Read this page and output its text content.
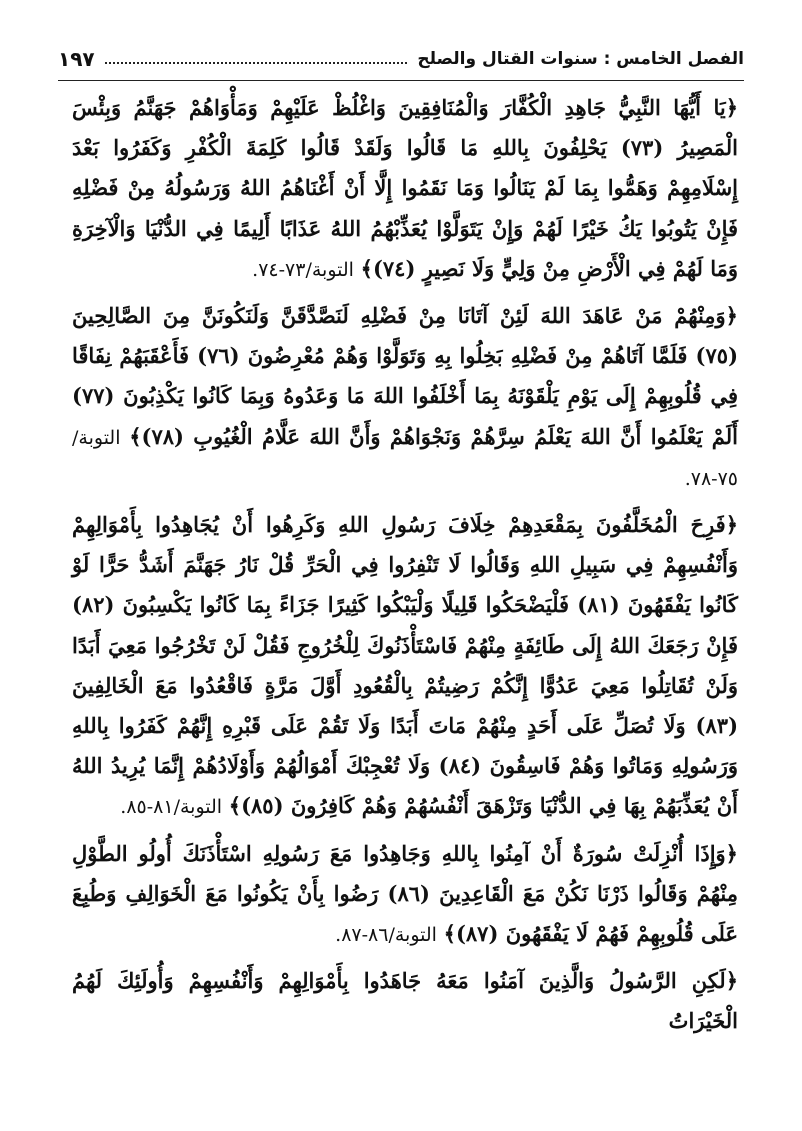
الفصل الخامس : سنوات القتال والصلح
١٩٧

﴿يَا أَيُّهَا النَّبِيُّ جَاهِدِ الْكُفَّارَ وَالْمُنَافِقِينَ وَاغْلُظْ عَلَيْهِمْ وَمَأْوَاهُمْ جَهَنَّمُ وَبِئْسَ الْمَصِيرُ (٧٣) يَحْلِفُونَ بِاللهِ مَا قَالُوا وَلَقَدْ قَالُوا كَلِمَةَ الْكُفْرِ وَكَفَرُوا بَعْدَ إِسْلَامِهِمْ وَهَمُّوا بِمَا لَمْ يَنَالُوا وَمَا نَقَمُوا إِلَّا أَنْ أَغْنَاهُمُ اللهُ وَرَسُولُهُ مِنْ فَضْلِهِ فَإِنْ يَتُوبُوا يَكُ خَيْرًا لَهُمْ وَإِنْ يَتَوَلَّوْا يُعَذِّبْهُمُ اللهُ عَذَابًا أَلِيمًا فِي الدُّنْيَا وَالْآخِرَةِ وَمَا لَهُمْ فِي الْأَرْضِ مِنْ وَلِيٍّ وَلَا نَصِيرٍ (٧٤)﴾ التوبة/٧٣-٧٤.

﴿وَمِنْهُمْ مَنْ عَاهَدَ اللهَ لَئِنْ آتَانَا مِنْ فَضْلِهِ لَنَصَّدَّقَنَّ وَلَنَكُونَنَّ مِنَ الصَّالِحِينَ (٧٥) فَلَمَّا آتَاهُمْ مِنْ فَضْلِهِ بَخِلُوا بِهِ وَتَوَلَّوْا وَهُمْ مُعْرِضُونَ (٧٦) فَأَعْقَبَهُمْ نِفَاقًا فِي قُلُوبِهِمْ إِلَى يَوْمِ يَلْقَوْنَهُ بِمَا أَخْلَفُوا اللهَ مَا وَعَدُوهُ وَبِمَا كَانُوا يَكْذِبُونَ (٧٧) أَلَمْ يَعْلَمُوا أَنَّ اللهَ يَعْلَمُ سِرَّهُمْ وَنَجْوَاهُمْ وَأَنَّ اللهَ عَلَّامُ الْغُيُوبِ (٧٨)﴾ التوبة/٧٥-٧٨.

﴿فَرِحَ الْمُخَلَّفُونَ بِمَقْعَدِهِمْ خِلَافَ رَسُولِ اللهِ وَكَرِهُوا أَنْ يُجَاهِدُوا بِأَمْوَالِهِمْ وَأَنْفُسِهِمْ فِي سَبِيلِ اللهِ وَقَالُوا لَا تَنْفِرُوا فِي الْحَرِّ قُلْ نَارُ جَهَنَّمَ أَشَدُّ حَرًّا لَوْ كَانُوا يَفْقَهُونَ (٨١) فَلْيَضْحَكُوا قَلِيلًا وَلْيَبْكُوا كَثِيرًا جَزَاءً بِمَا كَانُوا يَكْسِبُونَ (٨٢) فَإِنْ رَجَعَكَ اللهُ إِلَى طَائِفَةٍ مِنْهُمْ فَاسْتَأْذَنُوكَ لِلْخُرُوجِ فَقُلْ لَنْ تَخْرُجُوا مَعِيَ أَبَدًا وَلَنْ تُقَاتِلُوا مَعِيَ عَدُوًّا إِنَّكُمْ رَضِيتُمْ بِالْقُعُودِ أَوَّلَ مَرَّةٍ فَاقْعُدُوا مَعَ الْخَالِفِينَ (٨٣) وَلَا تُصَلِّ عَلَى أَحَدٍ مِنْهُمْ مَاتَ أَبَدًا وَلَا تَقُمْ عَلَى قَبْرِهِ إِنَّهُمْ كَفَرُوا بِاللهِ وَرَسُولِهِ وَمَاتُوا وَهُمْ فَاسِقُونَ (٨٤) وَلَا تُعْجِبْكَ أَمْوَالُهُمْ وَأَوْلَادُهُمْ إِنَّمَا يُرِيدُ اللهُ أَنْ يُعَذِّبَهُمْ بِهَا فِي الدُّنْيَا وَتَزْهَقَ أَنْفُسُهُمْ وَهُمْ كَافِرُونَ (٨٥)﴾ التوبة/٨١-٨٥.

﴿وَإِذَا أُنْزِلَتْ سُورَةٌ أَنْ آمِنُوا بِاللهِ وَجَاهِدُوا مَعَ رَسُولِهِ اسْتَأْذَنَكَ أُولُو الطَّوْلِ مِنْهُمْ وَقَالُوا ذَرْنَا نَكُنْ مَعَ الْقَاعِدِينَ (٨٦) رَضُوا بِأَنْ يَكُونُوا مَعَ الْخَوَالِفِ وَطُبِعَ عَلَى قُلُوبِهِمْ فَهُمْ لَا يَفْقَهُونَ (٨٧)﴾ التوبة/٨٦-٨٧.

﴿لَكِنِ الرَّسُولُ وَالَّذِينَ آمَنُوا مَعَهُ جَاهَدُوا بِأَمْوَالِهِمْ وَأَنْفُسِهِمْ وَأُولَئِكَ لَهُمُ الْخَيْرَاتُ
